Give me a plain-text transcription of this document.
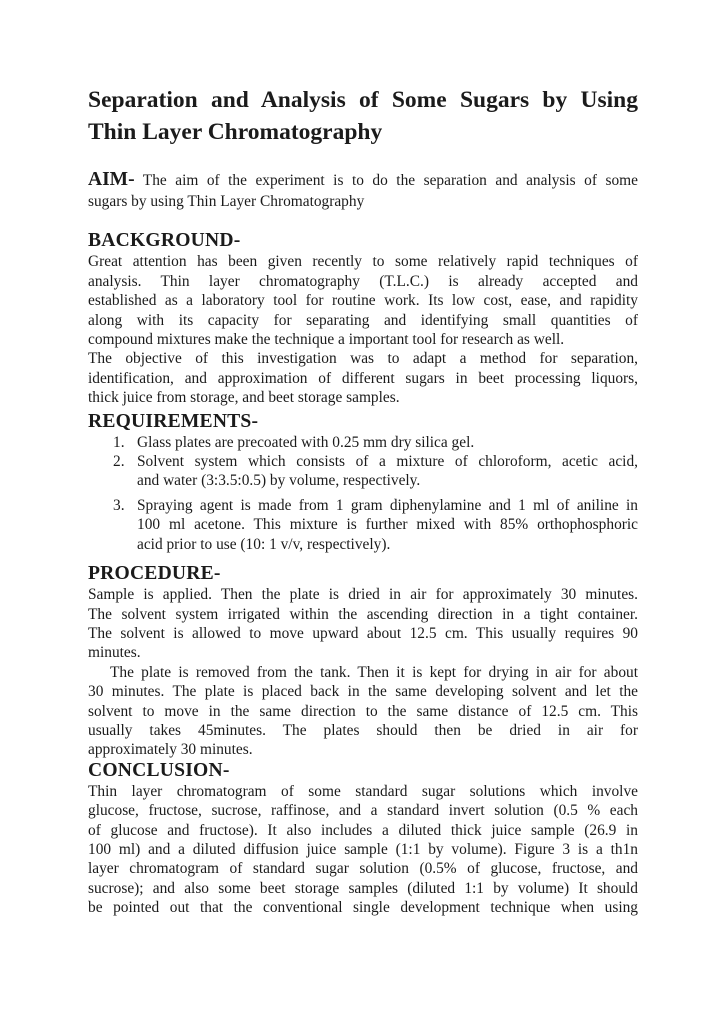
Separation and Analysis of Some Sugars by Using
Thin Layer Chromatography
AIM- The aim of the experiment is to do the separation and analysis of some
sugars by using Thin Layer Chromatography
BACKGROUND-
Great attention has been given recently to some relatively rapid techniques of
analysis. Thin layer chromatography (T.L.C.) is already accepted and
established as a laboratory tool for routine work. Its low cost, ease, and rapidity
along with its capacity for separating and identifying small quantities of
compound mixtures make the technique a important tool for research as well.
The objective of this investigation was to adapt a method for separation,
identification, and approximation of different sugars in beet processing liquors,
thick juice from storage, and beet storage samples.
REQUIREMENTS-
1. Glass plates are precoated with 0.25 mm dry silica gel.
2. Solvent system which consists of a mixture of chloroform, acetic acid,
and water (3:3.5:0.5) by volume, respectively.
3. Spraying agent is made from 1 gram diphenylamine and 1 ml of aniline in
100 ml acetone. This mixture is further mixed with 85% orthophosphoric
acid prior to use (10: 1 v/v, respectively).
PROCEDURE-
Sample is applied. Then the plate is dried in air for approximately 30 minutes.
The solvent system irrigated within the ascending direction in a tight container.
The solvent is allowed to move upward about 12.5 cm. This usually requires 90
minutes.
The plate is removed from the tank. Then it is kept for drying in air for about
30 minutes. The plate is placed back in the same developing solvent and let the
solvent to move in the same direction to the same distance of 12.5 cm. This
usually takes 45minutes. The plates should then be dried in air for
approximately 30 minutes.
CONCLUSION-
Thin layer chromatogram of some standard sugar solutions which involve
glucose, fructose, sucrose, raffinose, and a standard invert solution (0.5 % each
of glucose and fructose). It also includes a diluted thick juice sample (26.9 in
100 ml) and a diluted diffusion juice sample (1:1 by volume). Figure 3 is a th1n
layer chromatogram of standard sugar solution (0.5% of glucose, fructose, and
sucrose); and also some beet storage samples (diluted 1:1 by volume) It should
be pointed out that the conventional single development technique when using
